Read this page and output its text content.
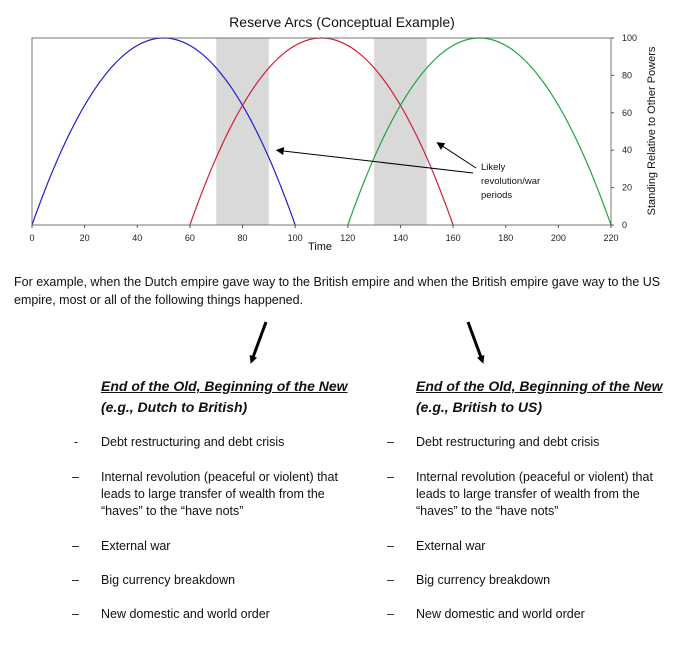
Reserve Arcs (Conceptual Example)
0	20	40	60	80	100	120	140	160	180	200	220
0
20
40
60
80
100
Time
Standing Relative to Other Powers
Likely revolution/war periods

For example, when the Dutch empire gave way to the British empire and when the British empire gave way to the US empire, most or all of the following things happened.

End of the Old, Beginning of the New
(e.g., Dutch to British)
-
–
–
–
–
Debt restructuring and debt crisis
Internal revolution (peaceful or violent) that leads to large transfer of wealth from the “haves” to the “have nots”
External war
Big currency breakdown
New domestic and world order
End of the Old, Beginning of the New
(e.g., British to US)
–
–
–
–
–
Debt restructuring and debt crisis
Internal revolution (peaceful or violent) that leads to large transfer of wealth from the “haves” to the “have nots”
External war
Big currency breakdown
New domestic and world order
